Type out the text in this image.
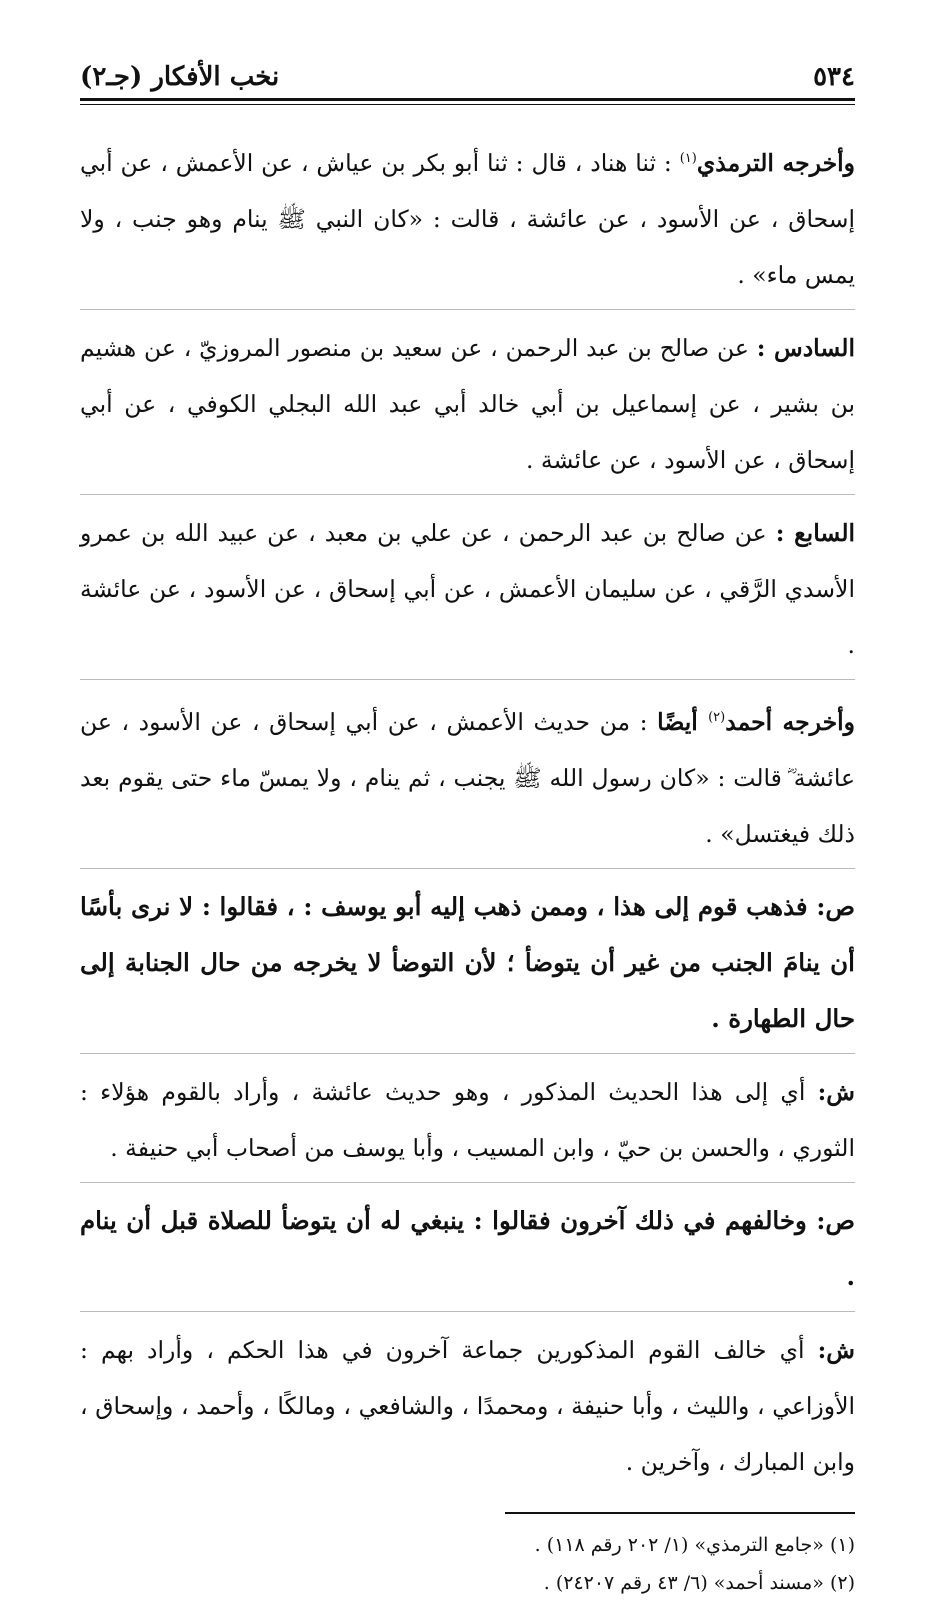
٥٣٤
نخب الأفكار (جـ٢)

وأخرجه الترمذي$^{(١)}$ : ثنا هناد ، قال : ثنا أبو بكر بن عياش ، عن الأعمش ، عن أبي إسحاق ، عن الأسود ، عن عائشة ، قالت : «كان النبي ﷺ ينام وهو جنب ، ولا يمس ماء» .

السادس : عن صالح بن عبد الرحمن ، عن سعيد بن منصور المروزيّ ، عن هشيم بن بشير ، عن إسماعيل بن أبي خالد أبي عبد الله البجلي الكوفي ، عن أبي إسحاق ، عن الأسود ، عن عائشة .

السابع : عن صالح بن عبد الرحمن ، عن علي بن معبد ، عن عبيد الله بن عمرو الأسدي الرَّقي ، عن سليمان الأعمش ، عن أبي إسحاق ، عن الأسود ، عن عائشة .

وأخرجه أحمد$^{(٢)}$ أيضًا : من حديث الأعمش ، عن أبي إسحاق ، عن الأسود ، عن عائشة ؓ قالت : «كان رسول الله ﷺ يجنب ، ثم ينام ، ولا يمسّ ماء حتى يقوم بعد ذلك فيغتسل» .

ص: فذهب قوم إلى هذا ، وممن ذهب إليه أبو يوسف : ، فقالوا : لا نرى بأسًا أن ينامَ الجنب من غير أن يتوضأ ؛ لأن التوضأ لا يخرجه من حال الجنابة إلى حال الطهارة .

ش: أي إلى هذا الحديث المذكور ، وهو حديث عائشة ، وأراد بالقوم هؤلاء : الثوري ، والحسن بن حيّ ، وابن المسيب ، وأبا يوسف من أصحاب أبي حنيفة .

ص: وخالفهم في ذلك آخرون فقالوا : ينبغي له أن يتوضأ للصلاة قبل أن ينام .

ش: أي خالف القوم المذكورين جماعة آخرون في هذا الحكم ، وأراد بهم : الأوزاعي ، والليث ، وأبا حنيفة ، ومحمدًا ، والشافعي ، ومالكًا ، وأحمد ، وإسحاق ، وابن المبارك ، وآخرين .

(١) «جامع الترمذي» (١/ ٢٠٢ رقم ١١٨) .

(٢) «مسند أحمد» (٦/ ٤٣ رقم ٢٤٢٠٧) .
